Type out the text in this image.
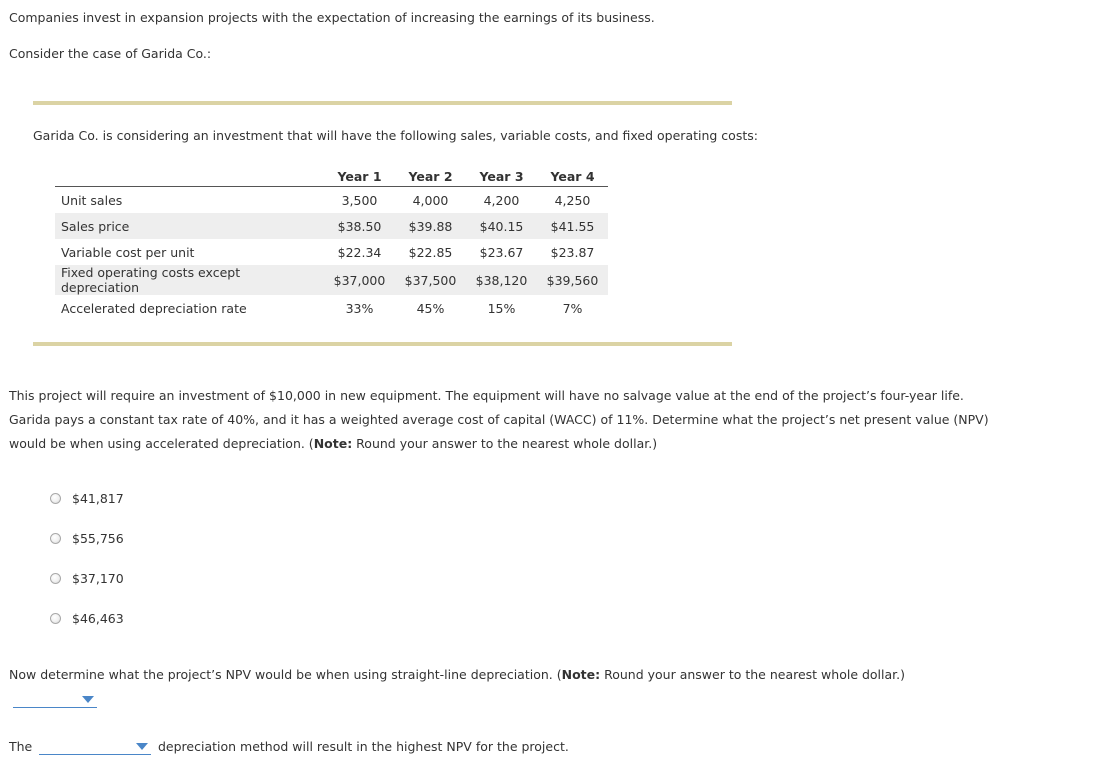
Companies invest in expansion projects with the expectation of increasing the earnings of its business.
Consider the case of Garida Co.:
Garida Co. is considering an investment that will have the following sales, variable costs, and fixed operating costs:
	Year 1	Year 2	Year 3	Year 4
Unit sales	3,500	4,000	4,200	4,250
Sales price	$38.50	$39.88	$40.15	$41.55
Variable cost per unit	$22.34	$22.85	$23.67	$23.87
Fixed operating costs except depreciation	$37,000	$37,500	$38,120	$39,560
Accelerated depreciation rate	33%	45%	15%	7%
This project will require an investment of $10,000 in new equipment. The equipment will have no salvage value at the end of the project’s four-year life. Garida pays a constant tax rate of 40%, and it has a weighted average cost of capital (WACC) of 11%. Determine what the project’s net present value (NPV) would be when using accelerated depreciation. (Note: Round your answer to the nearest whole dollar.)
$41,817
$55,756
$37,170
$46,463
Now determine what the project’s NPV would be when using straight-line depreciation. (Note: Round your answer to the nearest whole dollar.)
The	depreciation method will result in the highest NPV for the project.
